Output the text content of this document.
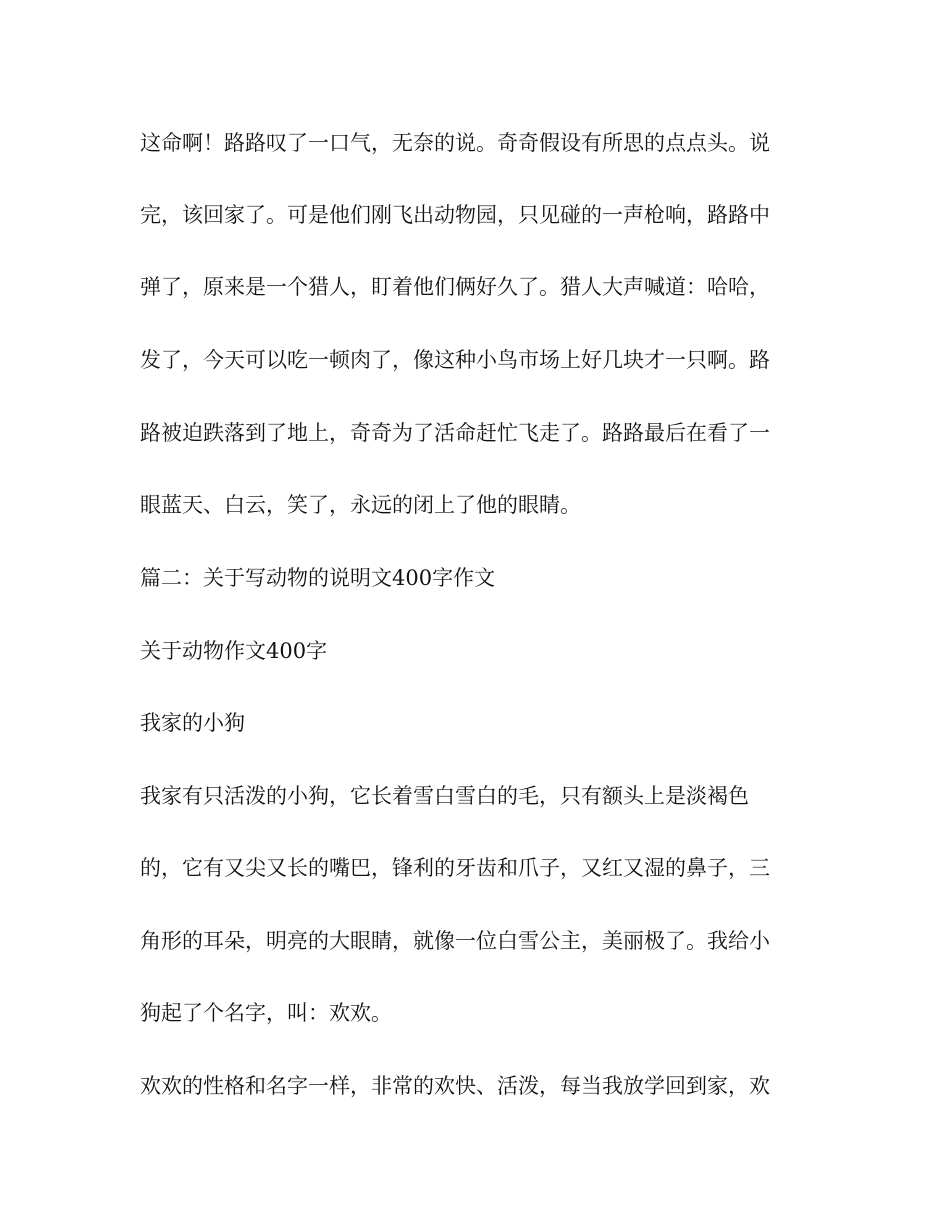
这命啊！路路叹了一口气，无奈的说。奇奇假设有所思的点点头。说
完，该回家了。可是他们刚飞出动物园，只见碰的一声枪响，路路中
弹了，原来是一个猎人，盯着他们俩好久了。猎人大声喊道：哈哈，
发了，今天可以吃一顿肉了，像这种小鸟市场上好几块才一只啊。路
路被迫跌落到了地上，奇奇为了活命赶忙飞走了。路路最后在看了一
眼蓝天、白云，笑了，永远的闭上了他的眼睛。
篇二：关于写动物的说明文400字作文
关于动物作文400字
我家的小狗
我家有只活泼的小狗，它长着雪白雪白的毛，只有额头上是淡褐色
的，它有又尖又长的嘴巴，锋利的牙齿和爪子，又红又湿的鼻子，三
角形的耳朵，明亮的大眼睛，就像一位白雪公主，美丽极了。我给小
狗起了个名字，叫：欢欢。
欢欢的性格和名字一样，非常的欢快、活泼，每当我放学回到家，欢
